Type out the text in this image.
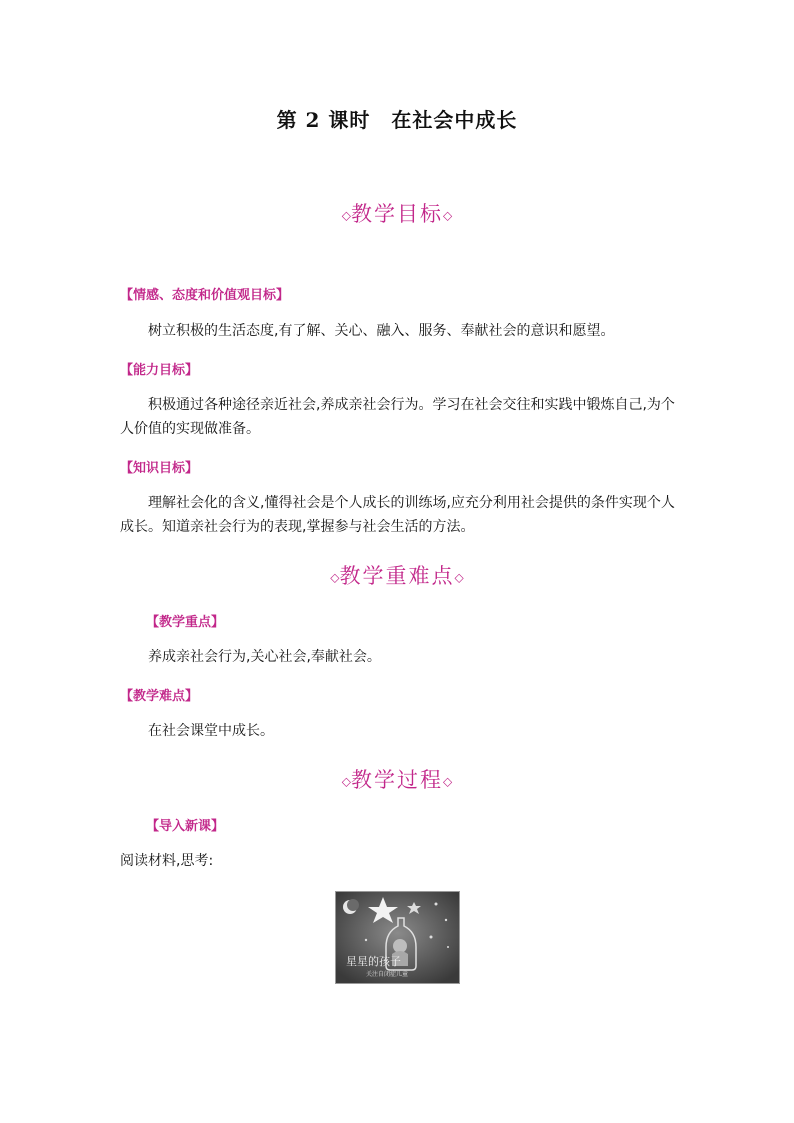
第 2 课时　在社会中成长
◇教学目标◇
【情感、态度和价值观目标】
树立积极的生活态度,有了解、关心、融入、服务、奉献社会的意识和愿望。
【能力目标】
积极通过各种途径亲近社会,养成亲社会行为。学习在社会交往和实践中锻炼自己,为个人价值的实现做准备。
【知识目标】
理解社会化的含义,懂得社会是个人成长的训练场,应充分利用社会提供的条件实现个人成长。知道亲社会行为的表现,掌握参与社会生活的方法。
◇教学重难点◇
【教学重点】
养成亲社会行为,关心社会,奉献社会。
【教学难点】
在社会课堂中成长。
◇教学过程◇
【导入新课】
阅读材料,思考:
星星的孩子
关注自闭症儿童
